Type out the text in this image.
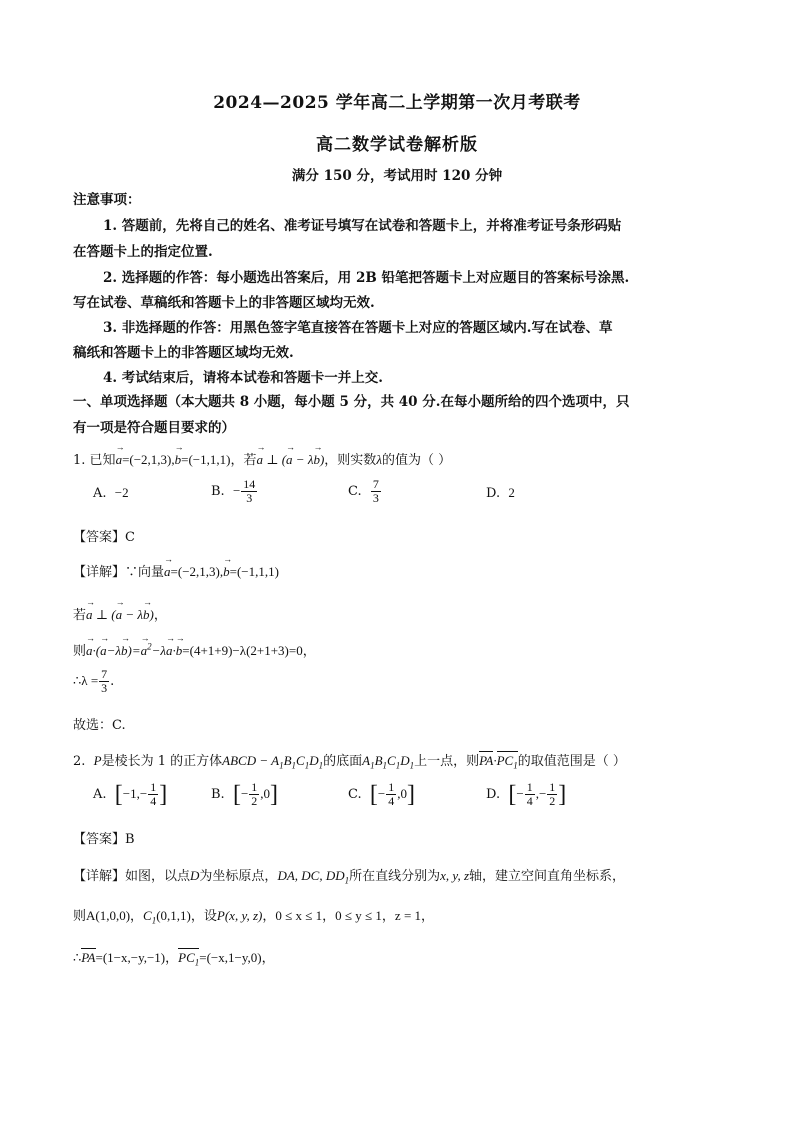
2024—2025 学年高二上学期第一次月考联考
高二数学试卷解析版
满分 150 分，考试用时 120 分钟
注意事项：
1. 答题前，先将自己的姓名、准考证号填写在试卷和答题卡上，并将准考证号条形码贴
在答题卡上的指定位置.
2. 选择题的作答：每小题选出答案后，用 2B 铅笔把答题卡上对应题目的答案标号涂黑.
写在试卷、草稿纸和答题卡上的非答题区域均无效.
3. 非选择题的作答：用黑色签字笔直接答在答题卡上对应的答题区域内.写在试卷、草
稿纸和答题卡上的非答题区域均无效.
4. 考试结束后，请将本试卷和答题卡一并上交.
一、单项选择题（本大题共 8 小题，每小题 5 分，共 40 分.在每小题所给的四个选项中，只
有一项是符合题目要求的）
1. 已知→ a=(−2,1,3),→ b=(−1,1,1)，若→ a ⊥ (→ a − λ→ b)，则实数λ的值为（ ）
A. −2	B. − $\frac{14}{3}$	C. $\frac{7}{3}$	D. 2
【答案】C
【详解】∵向量→ a=(−2,1,3),→ b=(−1,1,1)
若→ a ⊥ (→ a − λ→ b)，
则→ $a\cdot(\to a-\lambda\to b)=\to a^2-\lambda\to a\cdot\to b=(4+1+9)-\lambda(2+1+3)=0$，
∴λ = $\frac{7}{3}$ .
故选：C.
2. P是棱长为 1 的正方体ABCD − $A_1B_1C_1D_1$的底面$A_1B_1C_1D_1$上一点，则$PA\cdot PC_1$的取值范围是（ ）
A. [$-1,- \frac{1}{4}$ ]	B. [− $\frac{1}{2} ,0$]	C. [− $\frac{1}{4} ,0$]	D. [− $\frac{1}{4}$ ,− $\frac{1}{2}$ ]
【答案】B
【详解】如图，以点D为坐标原点，DA, DC, $DD_1$所在直线分别为x, y, z轴，建立空间直角坐标系，
则A(1,0,0)，$C_1(0,1,1)$，设P(x, y, z)，0 ≤ x ≤ 1，0 ≤ y ≤ 1，z = 1，
∴PA=(1−x,−y,−1)，$PC_1=(-x,1-y,0)$，
